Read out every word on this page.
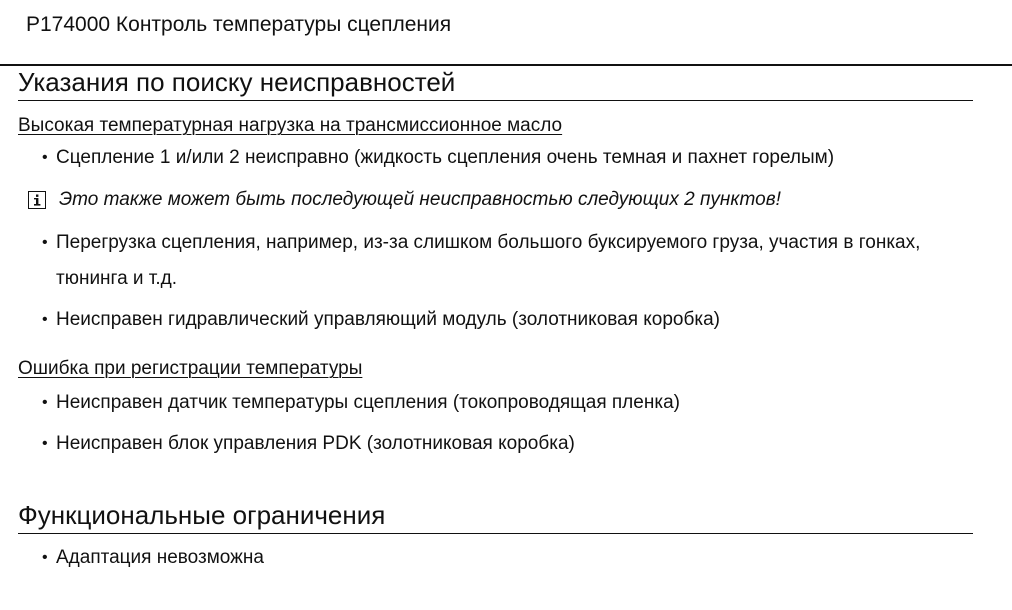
P174000 Контроль температуры сцепления
Указания по поиску неисправностей
Высокая температурная нагрузка на трансмиссионное масло
• Сцепление 1 и/или 2 неисправно (жидкость сцепления очень темная и пахнет горелым)
Это также может быть последующей неисправностью следующих 2 пунктов!
• Перегрузка сцепления, например, из-за слишком большого буксируемого груза, участия в гонках, тюнинга и т.д.
• Неисправен гидравлический управляющий модуль (золотниковая коробка)
Ошибка при регистрации температуры
• Неисправен датчик температуры сцепления (токопроводящая пленка)
• Неисправен блок управления PDK (золотниковая коробка)
Функциональные ограничения
• Адаптация невозможна
